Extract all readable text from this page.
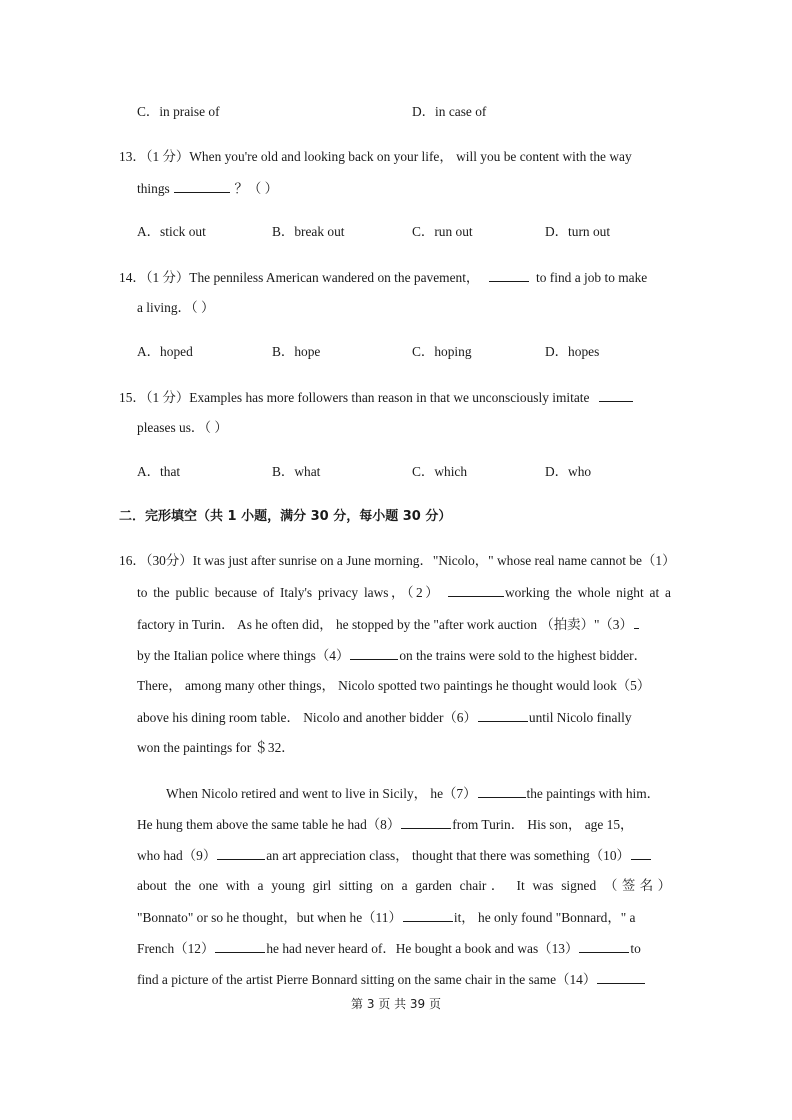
C．in praise of	D．in case of
13．（1 分）When you're old and looking back on your life， will you be content with the way
things	？（ ）
A．stick out	B．break out	C．run out	D．turn out
14．（1 分）The penniless American wandered on the pavement，	to find a job to make
a living．（ ）
A．hoped	B．hope	C．hoping	D．hopes
15．（1 分）Examples has more followers than reason in that we unconsciously imitate
pleases us．（ ）
A．that	B．what	C．which	D．who
二．完形填空（共 1 小题，满分 30 分，每小题 30 分）
16．（30分）It was just after sunrise on a June morning．"Nicolo，" whose real name cannot be（1）
to the public because of Italy's privacy laws，（2）	working the whole night at a
factory in Turin． As he often did， he stopped by the "after work auction （拍卖）"（3）
by the Italian police where things（4）	on the trains were sold to the highest bidder．
There， among many other things， Nicolo spotted two paintings he thought would look（5）
above his dining room table． Nicolo and another bidder（6）	until Nicolo finally
won the paintings for ＄32．
When Nicolo retired and went to live in Sicily， he（7）	the paintings with him．
He hung them above the same table he had（8）	from Turin． His son， age 15，
who had（9）	an art appreciation class， thought that there was something（10）
about the one with a young girl sitting on a garden chair． It was signed （签名）
"Bonnato" or so he thought，but when he（11）	it， he only found "Bonnard，" a
French（12）	he had never heard of．He bought a book and was（13）	to
find a picture of the artist Pierre Bonnard sitting on the same chair in the same（14）
第 3 页 共 39 页
